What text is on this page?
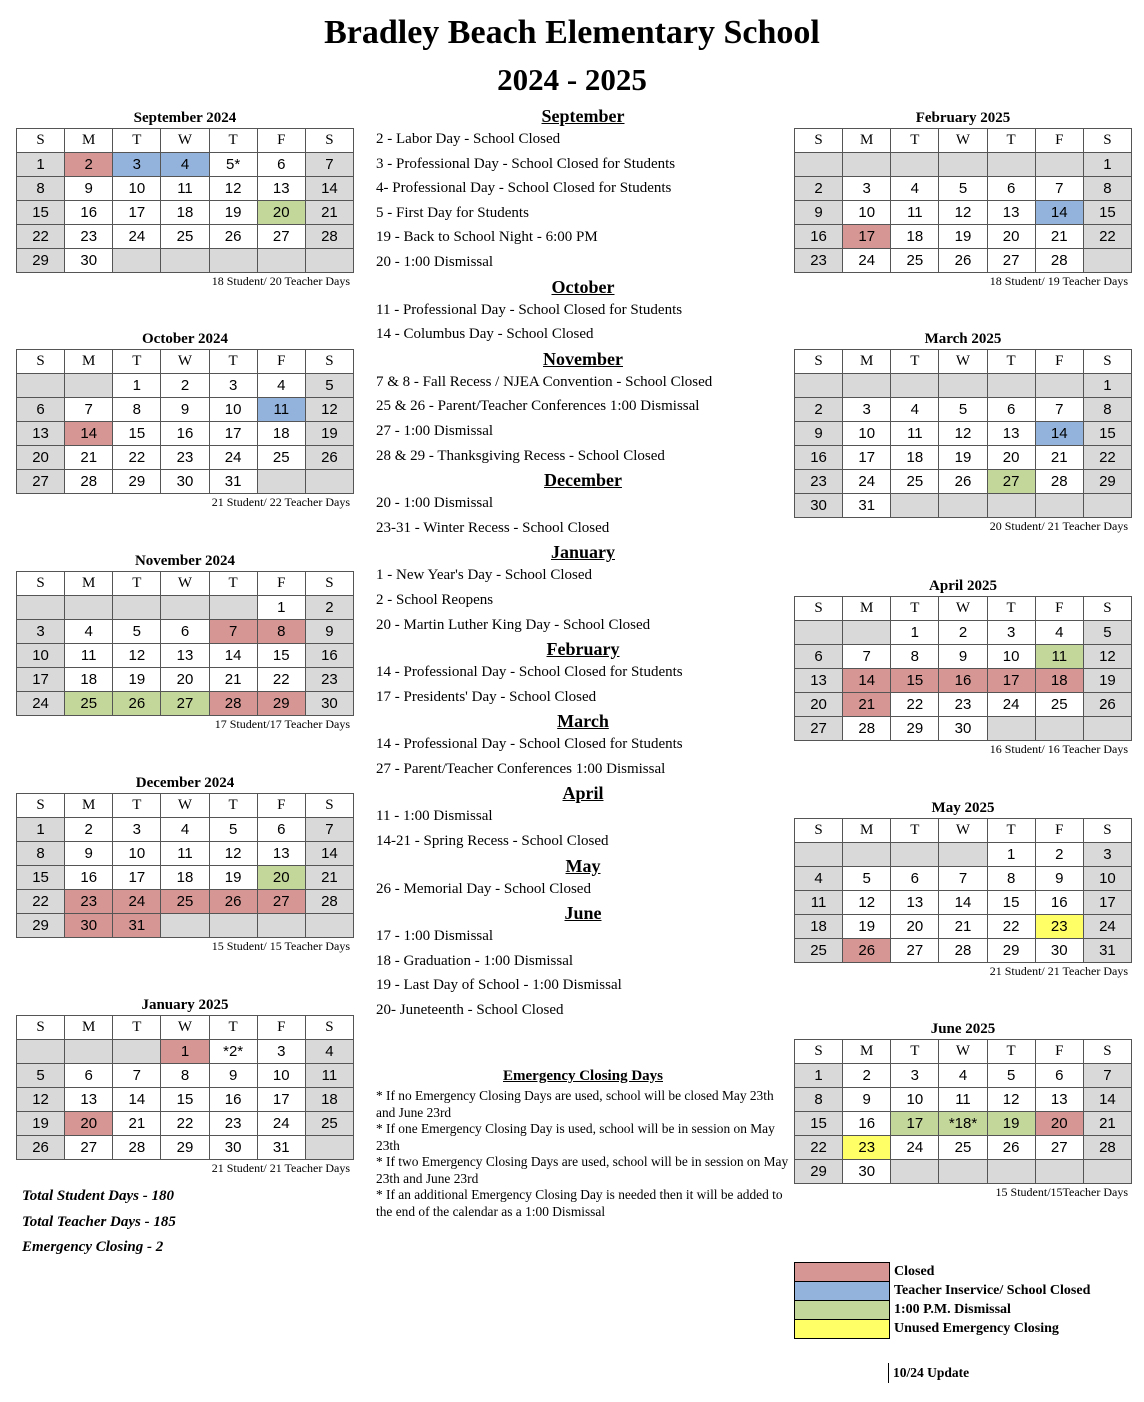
Bradley Beach Elementary School
2024 - 2025
September 2024
S	M	T	W	T	F	S
1	2	3	4	5*	6	7
8	9	10	11	12	13	14
15	16	17	18	19	20	21
22	23	24	25	26	27	28
29	30					
18 Student/ 20 Teacher Days
October 2024
S	M	T	W	T	F	S
		1	2	3	4	5
6	7	8	9	10	11	12
13	14	15	16	17	18	19
20	21	22	23	24	25	26
27	28	29	30	31		
21 Student/ 22 Teacher Days
November 2024
S	M	T	W	T	F	S
					1	2
3	4	5	6	7	8	9
10	11	12	13	14	15	16
17	18	19	20	21	22	23
24	25	26	27	28	29	30
17 Student/17 Teacher Days
December 2024
S	M	T	W	T	F	S
1	2	3	4	5	6	7
8	9	10	11	12	13	14
15	16	17	18	19	20	21
22	23	24	25	26	27	28
29	30	31				
15 Student/ 15 Teacher Days
January 2025
S	M	T	W	T	F	S
			1	*2*	3	4
5	6	7	8	9	10	11
12	13	14	15	16	17	18
19	20	21	22	23	24	25
26	27	28	29	30	31	
21 Student/ 21 Teacher Days
February 2025
S	M	T	W	T	F	S
						1
2	3	4	5	6	7	8
9	10	11	12	13	14	15
16	17	18	19	20	21	22
23	24	25	26	27	28	
18 Student/ 19 Teacher Days
March 2025
S	M	T	W	T	F	S
						1
2	3	4	5	6	7	8
9	10	11	12	13	14	15
16	17	18	19	20	21	22
23	24	25	26	27	28	29
30	31					
20 Student/ 21 Teacher Days
April 2025
S	M	T	W	T	F	S
		1	2	3	4	5
6	7	8	9	10	11	12
13	14	15	16	17	18	19
20	21	22	23	24	25	26
27	28	29	30			
16 Student/ 16 Teacher Days
May 2025
S	M	T	W	T	F	S
				1	2	3
4	5	6	7	8	9	10
11	12	13	14	15	16	17
18	19	20	21	22	23	24
25	26	27	28	29	30	31
21 Student/ 21 Teacher Days
June 2025
S	M	T	W	T	F	S
1	2	3	4	5	6	7
8	9	10	11	12	13	14
15	16	17	*18*	19	20	21
22	23	24	25	26	27	28
29	30					
15 Student/15Teacher Days
September
2 - Labor Day - School Closed
3 - Professional Day - School Closed for Students
4- Professional Day - School Closed for Students
5 - First Day for Students
19 - Back to School Night - 6:00 PM
20 - 1:00 Dismissal
October
11 - Professional Day - School Closed for Students
14 - Columbus Day - School Closed
November
7 & 8 - Fall Recess / NJEA Convention - School Closed
25 & 26 - Parent/Teacher Conferences 1:00 Dismissal
27 - 1:00 Dismissal
28 & 29 - Thanksgiving Recess - School Closed
December
20 - 1:00 Dismissal
23-31 - Winter Recess - School Closed
January
1 - New Year's Day - School Closed
2 - School Reopens
20 - Martin Luther King Day - School Closed
February
14 - Professional Day - School Closed for Students
17 - Presidents' Day - School Closed
March
14 - Professional Day - School Closed for Students
27 - Parent/Teacher Conferences 1:00 Dismissal
April
11 - 1:00 Dismissal
14-21 - Spring Recess - School Closed
May
26 - Memorial Day - School Closed
June
17 - 1:00 Dismissal
18 - Graduation - 1:00 Dismissal
19 - Last Day of School - 1:00 Dismissal
20- Juneteenth - School Closed
Emergency Closing Days
* If no Emergency Closing Days are used, school will be closed May 23th and June 23rd
* If one Emergency Closing Day is used, school will be in session on May 23th
* If two Emergency Closing Days are used, school will be in session on May 23th and June 23rd
* If an additional Emergency Closing Day is needed then it will be added to the end of the calendar as a 1:00 Dismissal
Total Student Days - 180
Total Teacher Days - 185
Emergency Closing - 2
Closed
Teacher Inservice/ School Closed
1:00 P.M. Dismissal
Unused Emergency Closing
10/24 Update
